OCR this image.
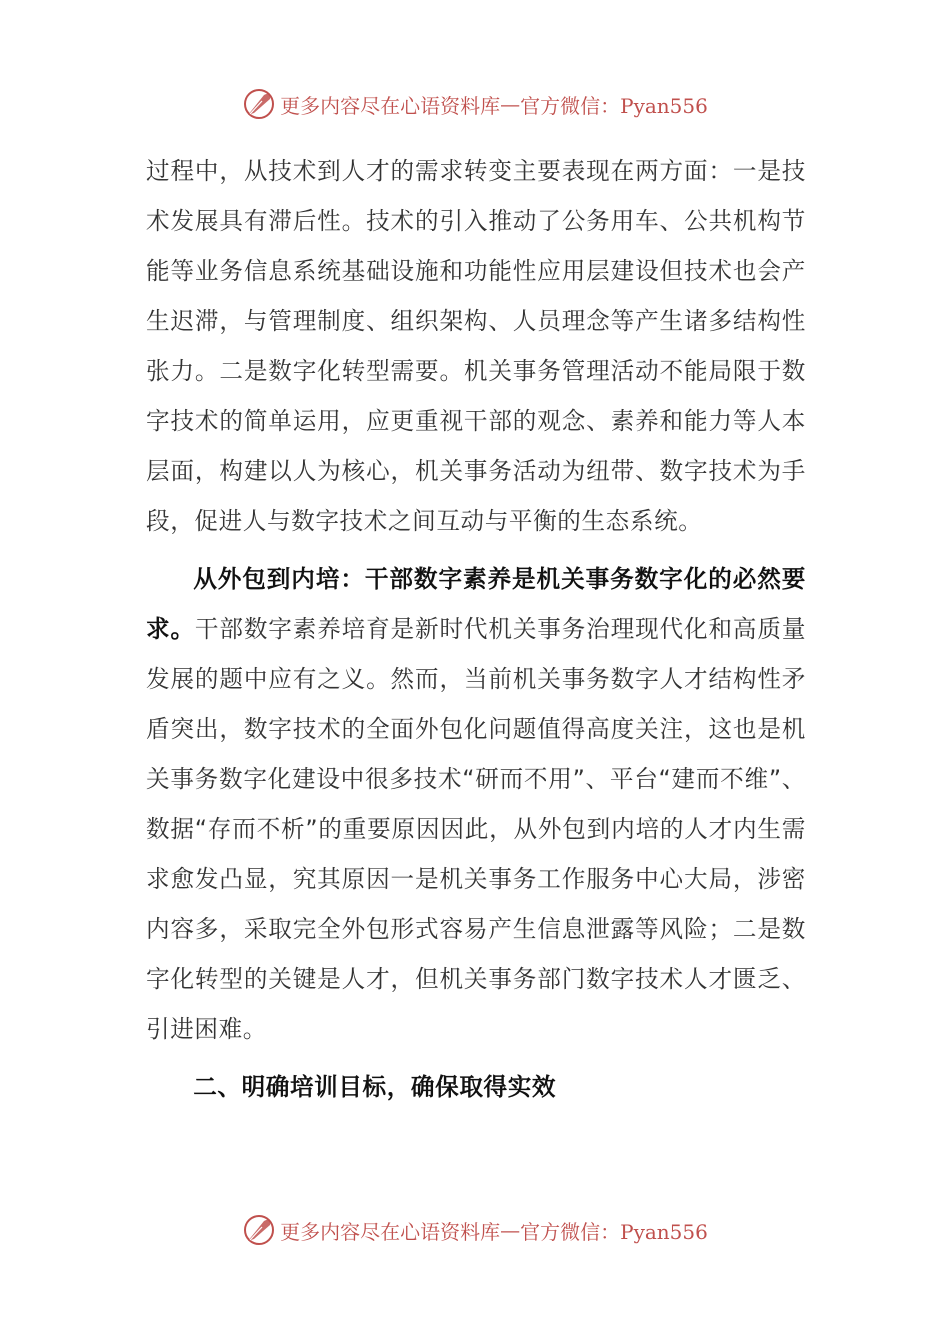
更多内容尽在心语资料库 — 官方微信：Pyan556

过程中，从技术到人才的需求转变主要表现在两方面：一是技术发展具有滞后性。技术的引入推动了公务用车、公共机构节能等业务信息系统基础设施和功能性应用层建设但技术也会产生迟滞，与管理制度、组织架构、人员理念等产生诸多结构性张力。二是数字化转型需要。机关事务管理活动不能局限于数字技术的简单运用，应更重视干部的观念、素养和能力等人本层面，构建以人为核心，机关事务活动为纽带、数字技术为手段，促进人与数字技术之间互动与平衡的生态系统。

从外包到内培：干部数字素养是机关事务数字化的必然要求。干部数字素养培育是新时代机关事务治理现代化和高质量发展的题中应有之义。然而，当前机关事务数字人才结构性矛盾突出，数字技术的全面外包化问题值得高度关注，这也是机关事务数字化建设中很多技术“研而不用”、平台“建而不维”、数据“存而不析”的重要原因因此，从外包到内培的人才内生需求愈发凸显，究其原因一是机关事务工作服务中心大局，涉密内容多，采取完全外包形式容易产生信息泄露等风险；二是数字化转型的关键是人才，但机关事务部门数字技术人才匮乏、引进困难。

二、明确培训目标，确保取得实效

更多内容尽在心语资料库 — 官方微信：Pyan556
